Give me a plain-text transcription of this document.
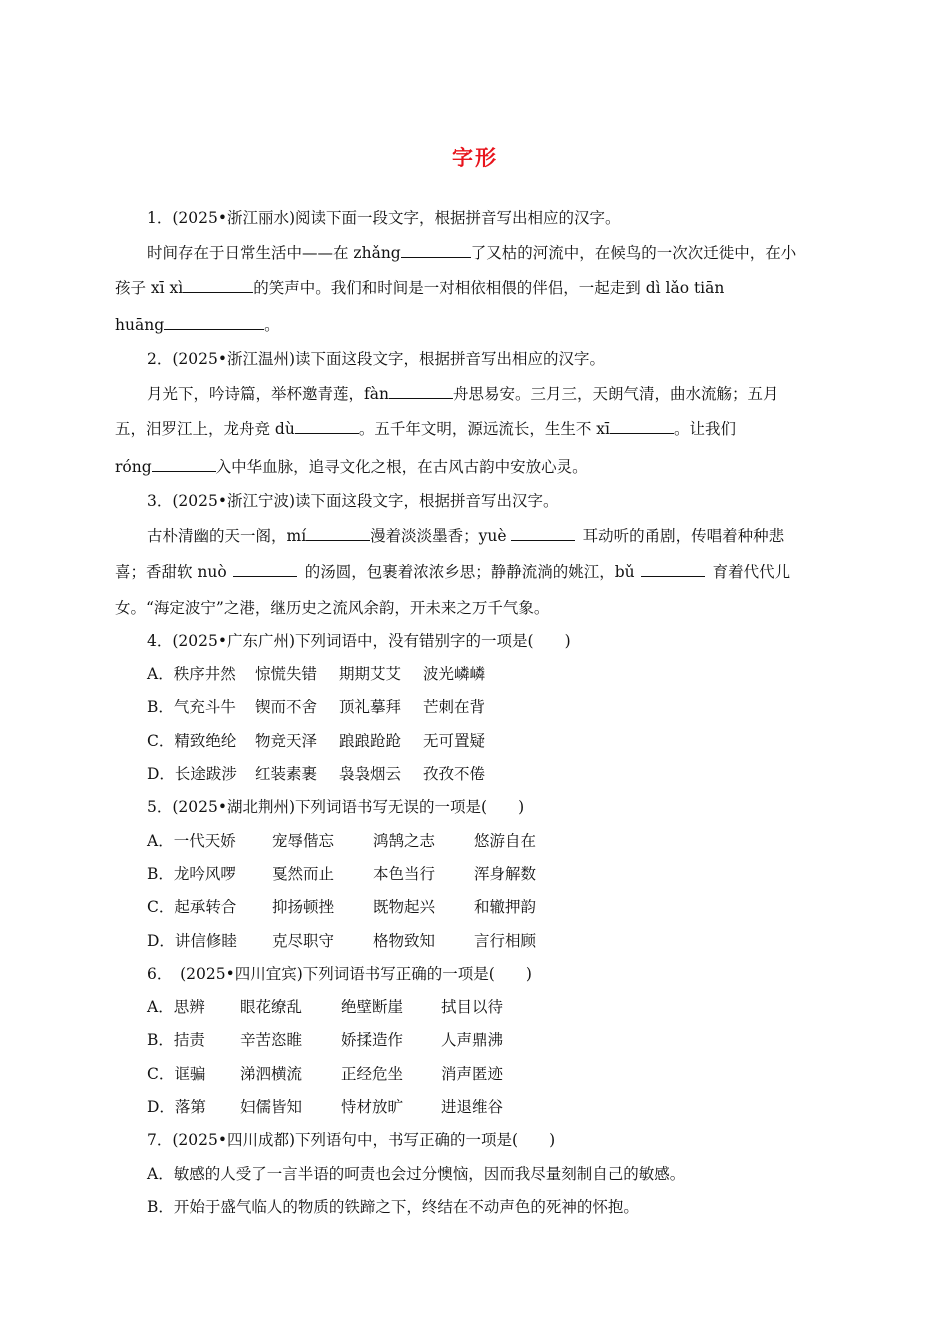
字形
1．(2025•浙江丽水)阅读下面一段文字，根据拼音写出相应的汉字。
时间存在于日常生活中——在 zhǎng	了又枯的河流中，在候鸟的一次次迁徙中，在小
孩子 xī xì	的笑声中。我们和时间是一对相依相偎的伴侣，一起走到 dì lǎo tiān
huāng	。
2．(2025•浙江温州)读下面这段文字，根据拼音写出相应的汉字。
月光下，吟诗篇，举杯邀青莲，fàn	舟思易安。三月三，天朗气清，曲水流觞；五月
五，汨罗江上，龙舟竞 dù	。五千年文明，源远流长，生生不 xī	。让我们
róng	入中华血脉，追寻文化之根，在古风古韵中安放心灵。
3．(2025•浙江宁波)读下面这段文字，根据拼音写出汉字。
古朴清幽的天一阁，mí	漫着淡淡墨香；yuè	耳动听的甬剧，传唱着种种悲
喜；香甜软 nuò	的汤圆，包裹着浓浓乡思；静静流淌的姚江，bǔ	育着代代儿
女。“海定波宁”之港，继历史之流风余韵，开未来之万千气象。
4．(2025•广东广州)下列词语中，没有错别字的一项是(　　)
A．秩序井然 惊慌失错 期期艾艾 波光嶙嶙
B．气充斗牛 锲而不舍 顶礼摹拜 芒刺在背
C．精致绝纶 物竞天泽 踉踉跄跄 无可置疑
D．长途跋涉 红装素裹 袅袅烟云 孜孜不倦
5．(2025•湖北荆州)下列词语书写无误的一项是(　　)
A．一代天娇 宠辱偕忘	鸿鹄之志	悠游自在
B．龙吟风啰 戛然而止	本色当行	浑身解数
C．起承转合 抑扬顿挫	既物起兴	和辙押韵
D．讲信修睦 克尽职守	格物致知	言行相顾
6．　(2025•四川宜宾)下列词语书写正确的一项是(　　)
A．思辨 眼花缭乱	绝壁断崖 拭目以待
B．拮责 辛苦恣睢	娇揉造作 人声鼎沸
C．诓骗 涕泗横流	正经危坐 消声匿迹
D．落第 妇儒皆知	恃材放旷 进退维谷
7．(2025•四川成都)下列语句中，书写正确的一项是(　　)
A．敏感的人受了一言半语的呵责也会过分懊恼，因而我尽量刻制自己的敏感。
B．开始于盛气临人的物质的铁蹄之下，终结在不动声色的死神的怀抱。
